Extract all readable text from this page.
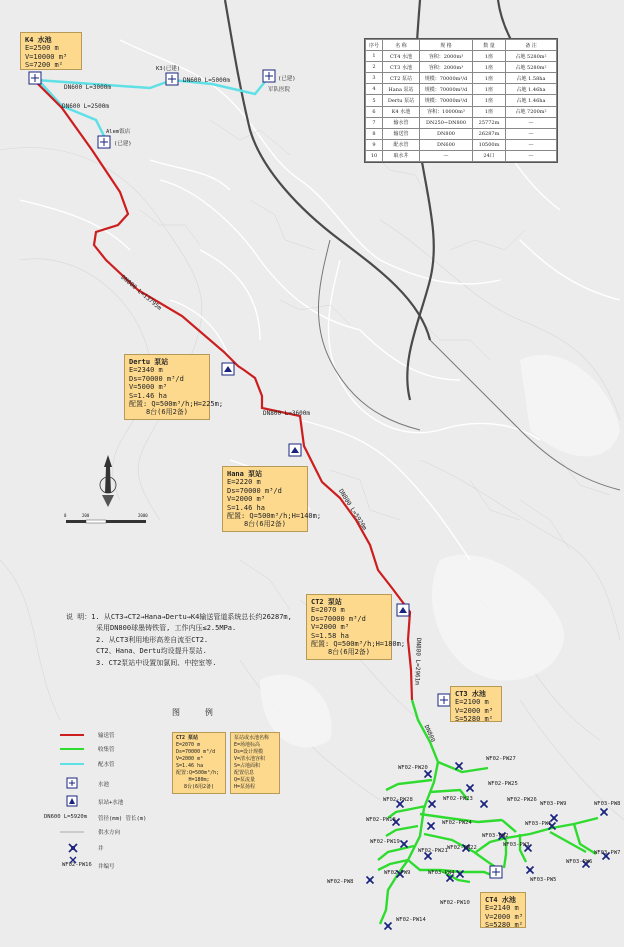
DN600 L=3000m
DN600 L=5000m
DN600 L=2500m
DN800 L=13795m
DN800 L=3600m
DN800 L=5920m
DN800 L=2961m
DN800
K3(已建)
(已建)
军队医院
Alem饭店
(已建)
K4 水池
E=2500 m
V=10000 m³
S=7200 m²
Dertu 泵站
E=2340 m
Ds=70000 m³/d
V=5000 m³
S=1.46 ha
配置: Q=500m³/h;H=225m;
8台(6用2备)
Hana 泵站
E=2220 m
Ds=70000 m³/d
V=2000 m³
S=1.46 ha
配置: Q=500m³/h;H=140m;
8台(6用2备)
CT2 泵站
E=2070 m
Ds=70000 m³/d
V=2000 m³
S=1.58 ha
配置: Q=500m³/h;H=180m;
8台(6用2备)
CT3 水池
E=2100 m
V=2000 m³
S=5280 m²
CT4 水池
E=2140 m
V=2000 m³
S=5280 m²
序号	名 称	规 格	数 量	备 注
1	CT4 水池	容积：2000m³	1座	占地 5280m²
2	CT3 水池	容积：2000m³	1座	占地 5280m²
3	CT2 泵站	规模：70000m³/d	1座	占地 1.58ha
4	Hana 泵站	规模：70000m³/d	1座	占地 1.46ha
5	Dertu 泵站	规模：70000m³/d	1座	占地 1.46ha
6	K4 水池	容积：10000m³	1座	占地 7200m²
7	输水管	DN250~DN800	25772m	—
8	输送管	DN800	26287m	—
9	配水管	DN600	10500m	—
10	取水井	—	24口	—
0	200	2000
说 明：1. 从CT3→CT2→Hana→Dertu→K4输送管道系统总长约26287m,
采用DN800球墨铸铁管, 工作内压≤2.5MPa.
2. 从CT3利用地形高差自流至CT2.
CT2、Hana、Dertu均设提升泵站.
3. CT2泵站中设置加氯间、中控室等.
图 例
输送管
收集管
配水管
水池
泵站+水池
DN600 L=5920m 管径(mm) 管长(m)
供水方向
井
WF02-PW16 井编号
CT2 泵站
E=2070 m
Ds=70000 m³/d
V=2000 m³
S=1.46 ha
配置:Q=500m³/h;
H=180m;
8台(6用2备)
泵站或水池名称
E=场地标高
Ds=设计规模
V=清水池容积
S=占地面积
配置信息
Q=泵流量
H=泵扬程
WF02-PW27
WF02-PW20
WF02-PW25
WF02-PW28	WF02-PW23	WF02-PW26
WF02-PW18	WF02-PW24
WF02-PW19
WF02-PW22
WF02-PW21
WF02-PW9
WF02-PW8
WF02-PW10
WF02-PW14
WF03-PW4
WF03-PW2
WF03-PW3
WF03-PW1
WF03-PW5
WF03-PW9	WF03-PW8
WF03-PW7
WF03-PW6
